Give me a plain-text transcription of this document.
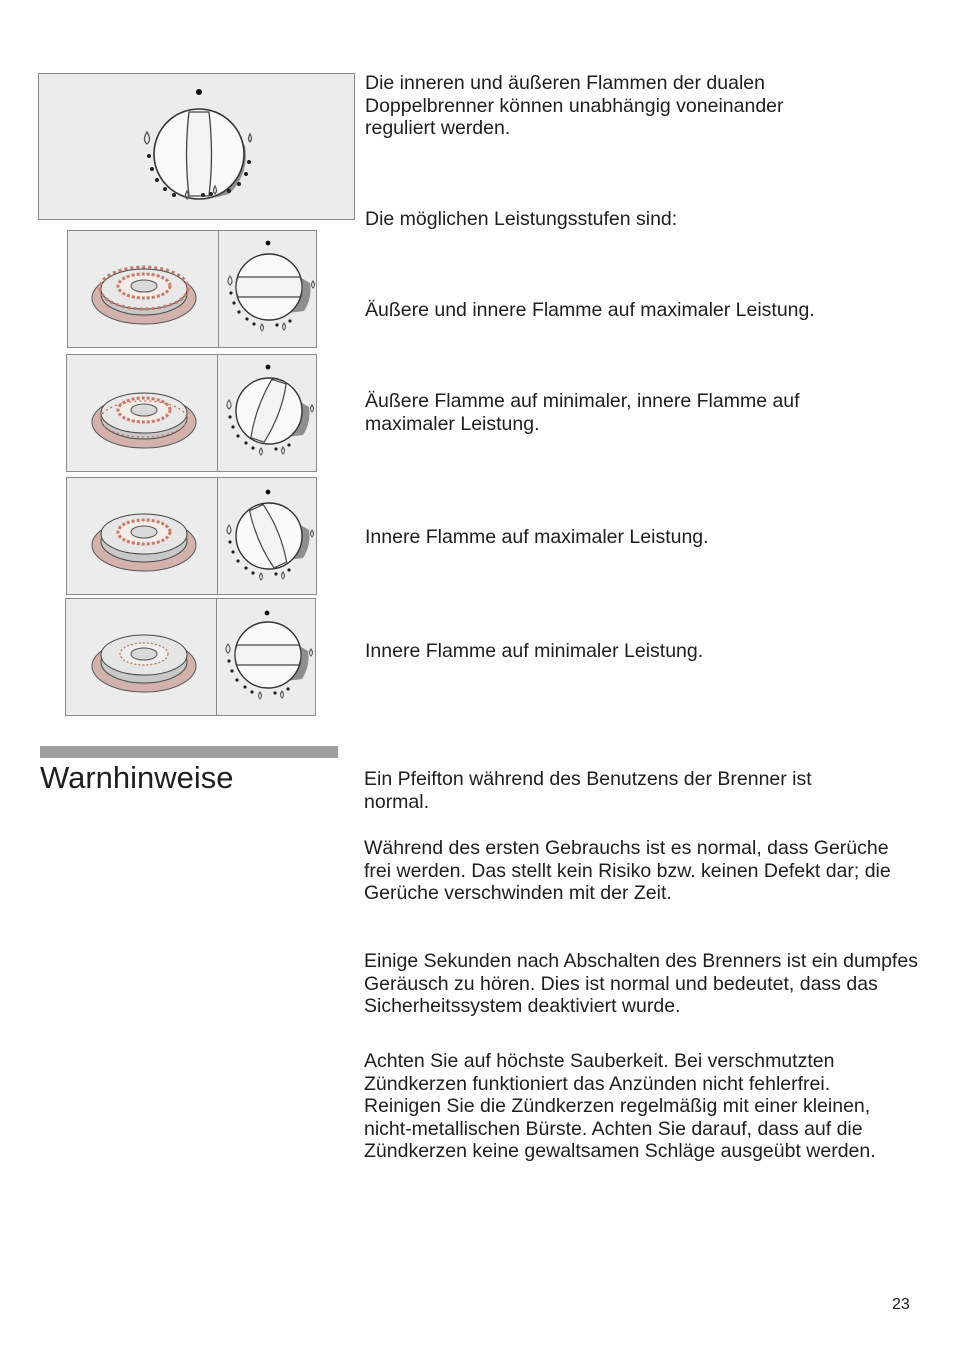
Die inneren und äußeren Flammen der dualen Doppelbrenner können unabhängig voneinander reguliert werden.
Die möglichen Leistungsstufen sind:
Äußere und innere Flamme auf maximaler Leistung.
Äußere Flamme auf minimaler, innere Flamme auf maximaler Leistung.
Innere Flamme auf maximaler Leistung.
Innere Flamme auf minimaler Leistung.
Warnhinweise	Ein Pfeifton während des Benutzens der Brenner ist normal.
Während des ersten Gebrauchs ist es normal, dass Gerüche frei werden. Das stellt kein Risiko bzw. keinen Defekt dar; die Gerüche verschwinden mit der Zeit.
Einige Sekunden nach Abschalten des Brenners ist ein dumpfes Geräusch zu hören. Dies ist normal und bedeutet, dass das Sicherheitssystem deaktiviert wurde.
Achten Sie auf höchste Sauberkeit. Bei verschmutzten Zündkerzen funktioniert das Anzünden nicht fehlerfrei. Reinigen Sie die Zündkerzen regelmäßig mit einer kleinen, nicht-metallischen Bürste. Achten Sie darauf, dass auf die Zündkerzen keine gewaltsamen Schläge ausgeübt werden.
23
